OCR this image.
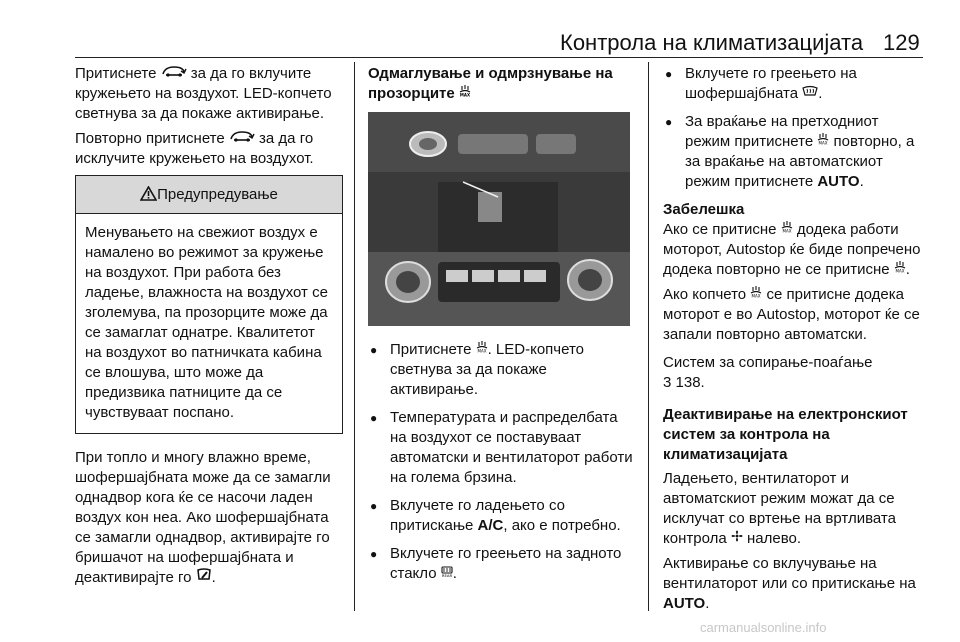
Контрола на климатизацијата 129

Притиснете  за да го вклучите кружењето на воздухот. LED-копчето светнува за да покаже активирање.

Повторно притиснете  за да го исклучите кружењето на воздухот.

Предупредување
Менувањето на свежиот воздух е намалено во режимот за кружење на воздухот. При работа без ладење, влажноста на воздухот се зголемува, па прозорците може да се замаглат однатре. Квалитетот на воздухот во патничката кабина се влошува, што може да предизвика патниците да се чувствуваат поспано.

При топло и многу влажно време, шофершајбната може да се замагли однадвор кога ќе се насочи ладен воздух кон неа. Ако шофершајбната се замагли однадвор, активирајте го бришачот на шофершајбната и деактивирајте го .

Одмаглување и одмрзнување на прозорците MAX
● Притиснете MAX . LED-копчето светнува за да покаже активирање.
● Температурата и распределбата на воздухот се поставуваат автоматски и вентилаторот работи на голема брзина.
● Вклучете го ладењето со притискање A/C, ако е потребно.
● Вклучете го греењето на задното стакло REAR .
● Вклучете го греењето на шофершајбната .
● За враќање на претходниот режим притиснете MAX повторно, а за враќање на автоматскиот режим притиснете AUTO.
Забелешка

Ако се притисне MAX додека работи моторот, Autostop ќе биде попречено додека повторно не се притисне MAX .

Ако копчето MAX се притисне додека моторот е во Autostop, моторот ќе се запали повторно автоматски.

Систем за сопирање-поаѓање
3 138.

Деактивирање на електронскиот систем за контрола на климатизацијата

Ладењето, вентилаторот и автоматскиот режим можат да се исклучат со вртење на вртливата контрола  налево.

Активирање со вклучување на вентилаторот или со притискање на AUTO.

carmanualsonline.info
